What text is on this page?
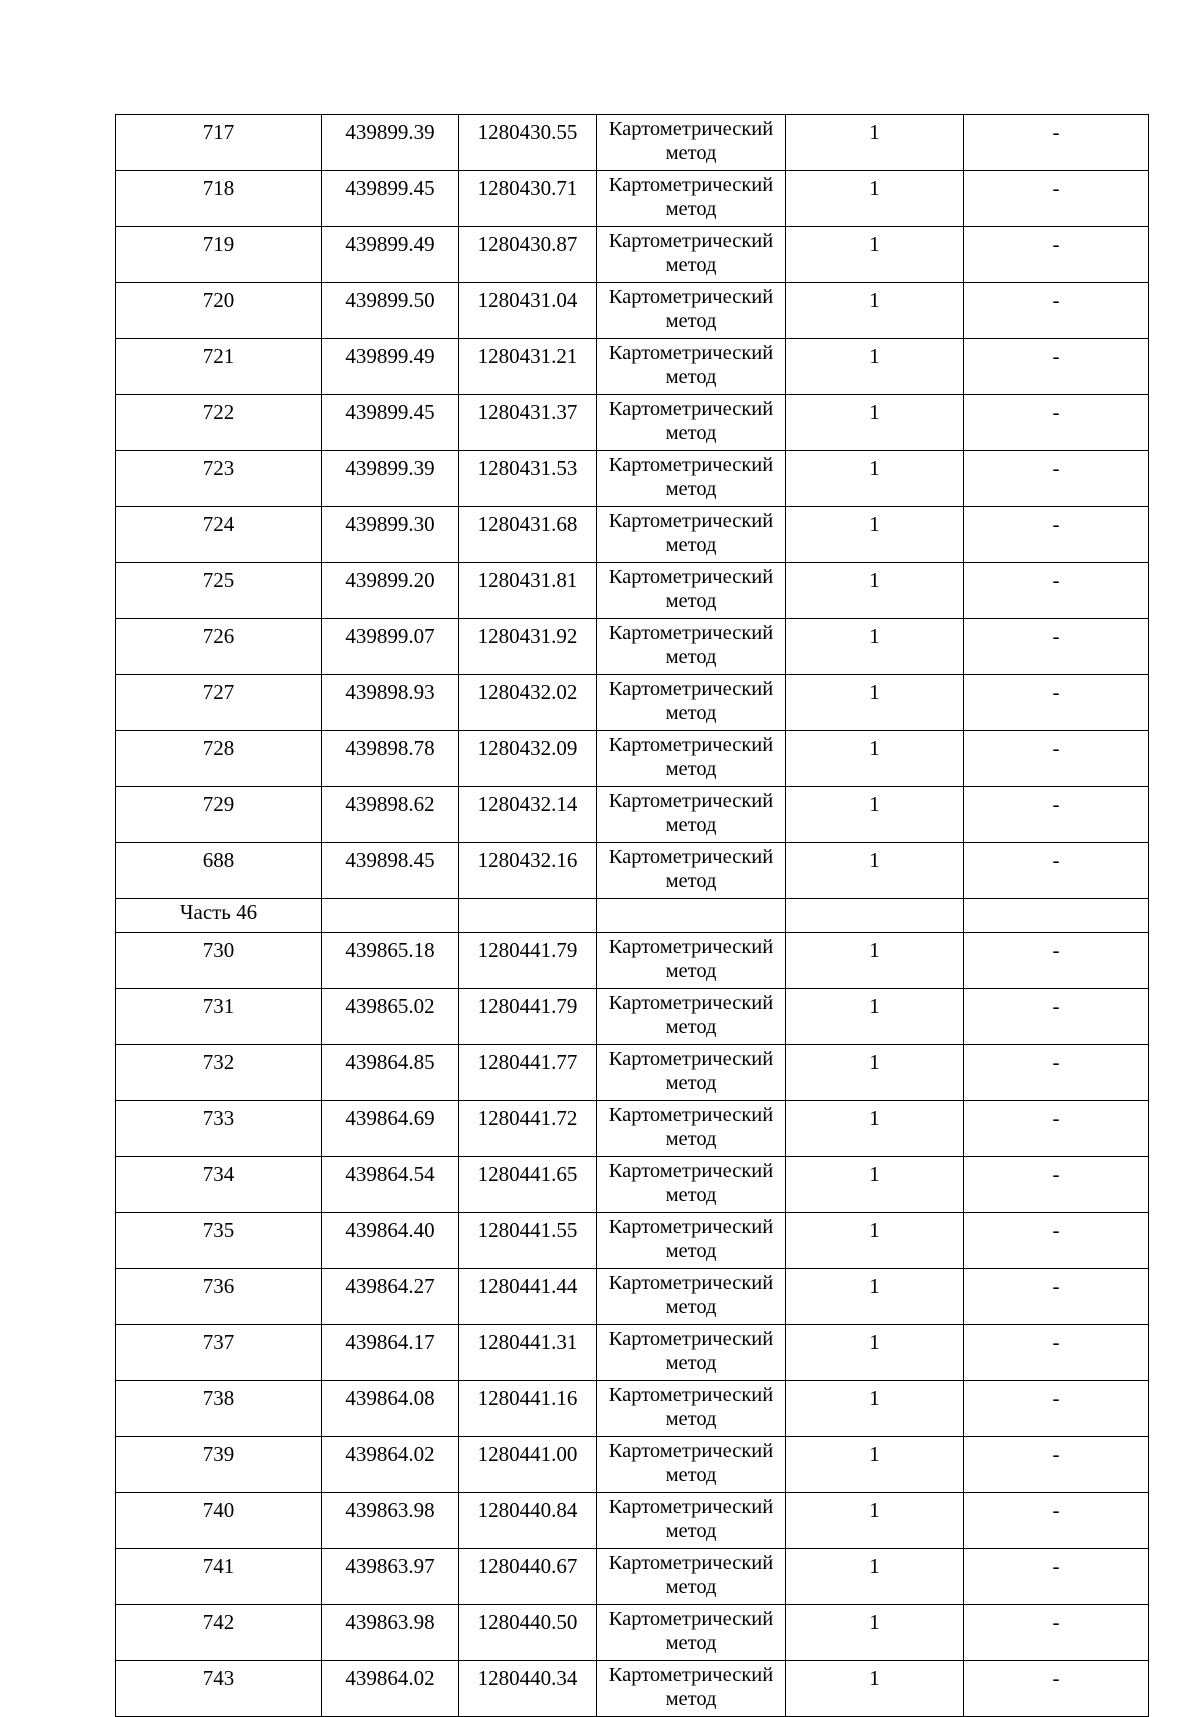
717	439899.39	1280430.55	Картометрический метод	1	-
718	439899.45	1280430.71	Картометрический метод	1	-
719	439899.49	1280430.87	Картометрический метод	1	-
720	439899.50	1280431.04	Картометрический метод	1	-
721	439899.49	1280431.21	Картометрический метод	1	-
722	439899.45	1280431.37	Картометрический метод	1	-
723	439899.39	1280431.53	Картометрический метод	1	-
724	439899.30	1280431.68	Картометрический метод	1	-
725	439899.20	1280431.81	Картометрический метод	1	-
726	439899.07	1280431.92	Картометрический метод	1	-
727	439898.93	1280432.02	Картометрический метод	1	-
728	439898.78	1280432.09	Картометрический метод	1	-
729	439898.62	1280432.14	Картометрический метод	1	-
688	439898.45	1280432.16	Картометрический метод	1	-
Часть 46					
730	439865.18	1280441.79	Картометрический метод	1	-
731	439865.02	1280441.79	Картометрический метод	1	-
732	439864.85	1280441.77	Картометрический метод	1	-
733	439864.69	1280441.72	Картометрический метод	1	-
734	439864.54	1280441.65	Картометрический метод	1	-
735	439864.40	1280441.55	Картометрический метод	1	-
736	439864.27	1280441.44	Картометрический метод	1	-
737	439864.17	1280441.31	Картометрический метод	1	-
738	439864.08	1280441.16	Картометрический метод	1	-
739	439864.02	1280441.00	Картометрический метод	1	-
740	439863.98	1280440.84	Картометрический метод	1	-
741	439863.97	1280440.67	Картометрический метод	1	-
742	439863.98	1280440.50	Картометрический метод	1	-
743	439864.02	1280440.34	Картометрический метод	1	-
